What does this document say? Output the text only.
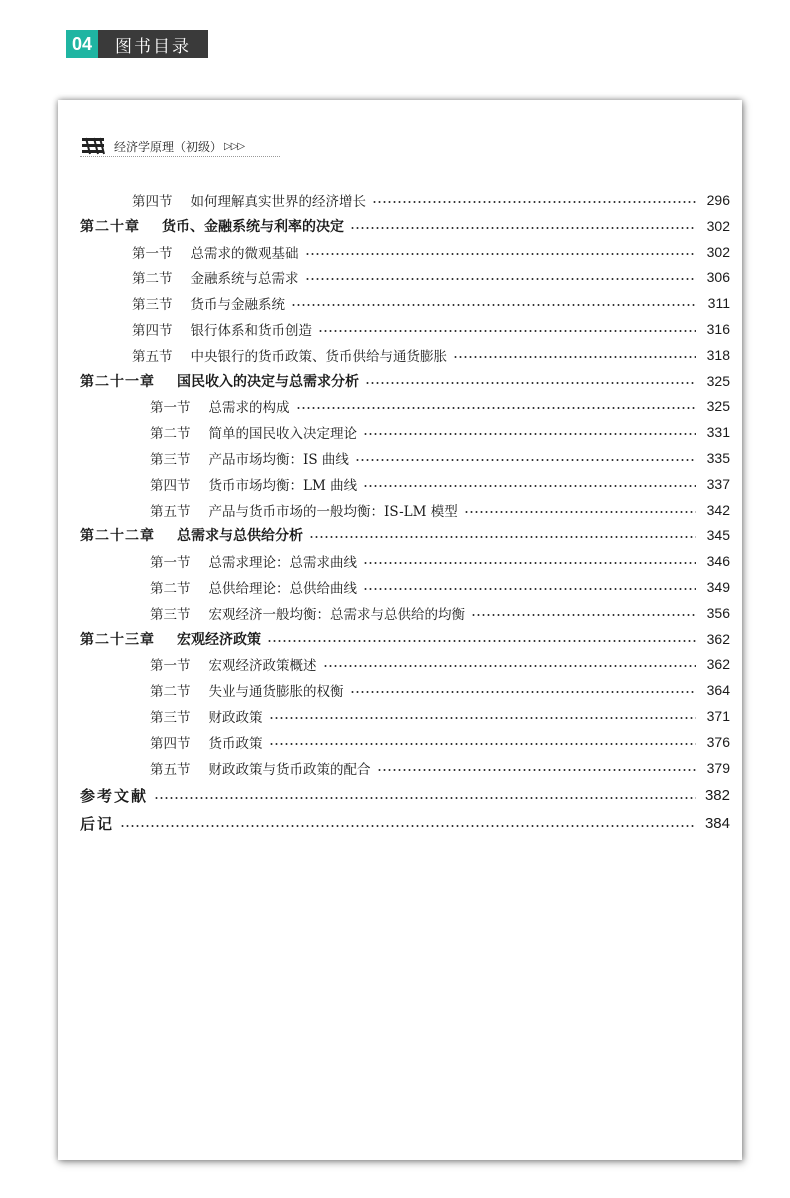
04	图书目录
经济学原理（初级） ▷▷▷
第四节 如何理解真实世界的经济增长	296
第二十章 货币、金融系统与利率的决定	302
第一节 总需求的微观基础	302
第二节 金融系统与总需求	306
第三节 货币与金融系统	311
第四节 银行体系和货币创造	316
第五节 中央银行的货币政策、货币供给与通货膨胀	318
第二十一章 国民收入的决定与总需求分析	325
第一节 总需求的构成	325
第二节 简单的国民收入决定理论	331
第三节 产品市场均衡：IS 曲线	335
第四节 货币市场均衡：LM 曲线	337
第五节 产品与货币市场的一般均衡：IS-LM 模型	342
第二十二章 总需求与总供给分析	345
第一节 总需求理论：总需求曲线	346
第二节 总供给理论：总供给曲线	349
第三节 宏观经济一般均衡：总需求与总供给的均衡	356
第二十三章 宏观经济政策	362
第一节 宏观经济政策概述	362
第二节 失业与通货膨胀的权衡	364
第三节 财政政策	371
第四节 货币政策	376
第五节 财政政策与货币政策的配合	379
参考文献	382
后记	384
